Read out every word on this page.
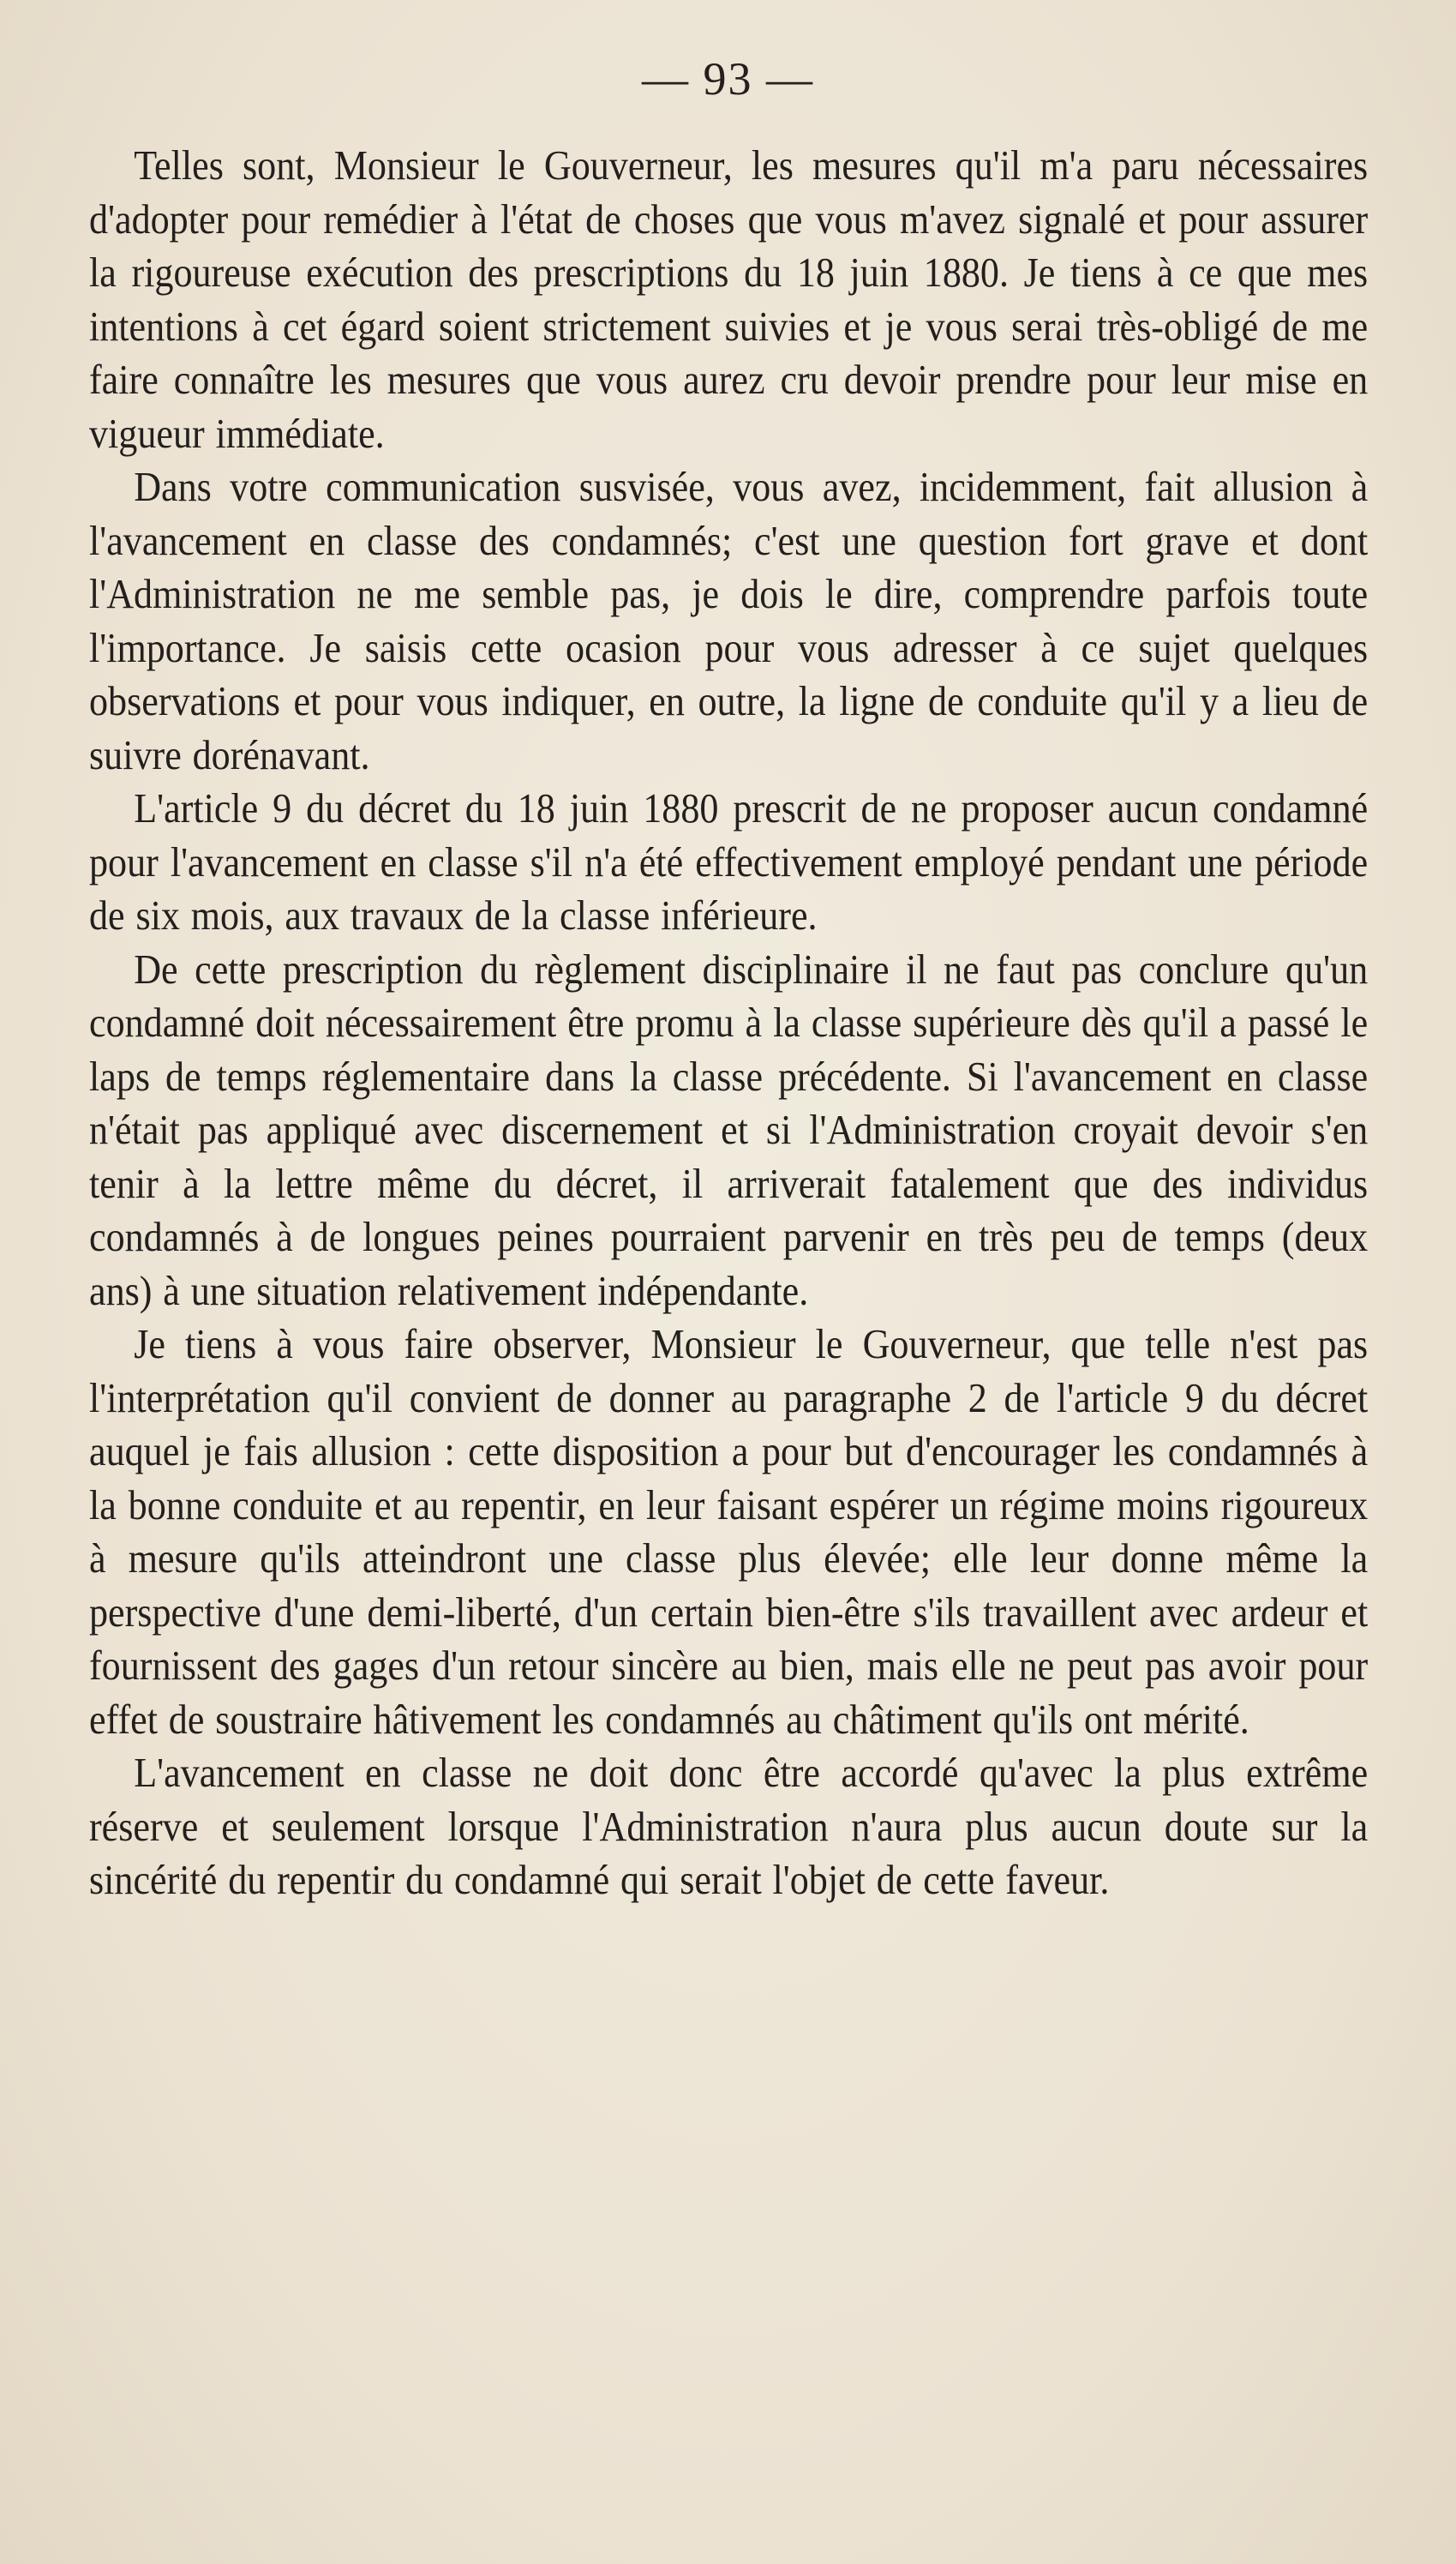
— 93 —

Telles sont, Monsieur le Gouverneur, les mesures qu'il m'a paru nécessaires d'adopter pour remédier à l'état de choses que vous m'avez signalé et pour assurer la rigoureuse exécution des prescriptions du 18 juin 1880. Je tiens à ce que mes intentions à cet égard soient strictement suivies et je vous serai très-obligé de me faire connaître les mesures que vous aurez cru devoir prendre pour leur mise en vigueur immédiate.

Dans votre communication susvisée, vous avez, incidemment, fait allusion à l'avancement en classe des condamnés; c'est une question fort grave et dont l'Administration ne me semble pas, je dois le dire, comprendre parfois toute l'importance. Je saisis cette ocasion pour vous adresser à ce sujet quelques observations et pour vous indiquer, en outre, la ligne de conduite qu'il y a lieu de suivre dorénavant.

L'article 9 du décret du 18 juin 1880 prescrit de ne proposer aucun condamné pour l'avancement en classe s'il n'a été effectivement employé pendant une période de six mois, aux travaux de la classe inférieure.

De cette prescription du règlement disciplinaire il ne faut pas conclure qu'un condamné doit nécessairement être promu à la classe supérieure dès qu'il a passé le laps de temps réglementaire dans la classe précédente. Si l'avancement en classe n'était pas appliqué avec discernement et si l'Administration croyait devoir s'en tenir à la lettre même du décret, il arriverait fatalement que des individus condamnés à de longues peines pourraient parvenir en très peu de temps (deux ans) à une situation relativement indépendante.

Je tiens à vous faire observer, Monsieur le Gouverneur, que telle n'est pas l'interprétation qu'il convient de donner au paragraphe 2 de l'article 9 du décret auquel je fais allusion : cette disposition a pour but d'encourager les condamnés à la bonne conduite et au repentir, en leur faisant espérer un régime moins rigoureux à mesure qu'ils atteindront une classe plus élevée; elle leur donne même la perspective d'une demi-liberté, d'un certain bien-être s'ils travaillent avec ardeur et fournissent des gages d'un retour sincère au bien, mais elle ne peut pas avoir pour effet de soustraire hâtivement les condamnés au châtiment qu'ils ont mérité.

L'avancement en classe ne doit donc être accordé qu'avec la plus extrême réserve et seulement lorsque l'Administration n'aura plus aucun doute sur la sincérité du repentir du condamné qui serait l'objet de cette faveur.
